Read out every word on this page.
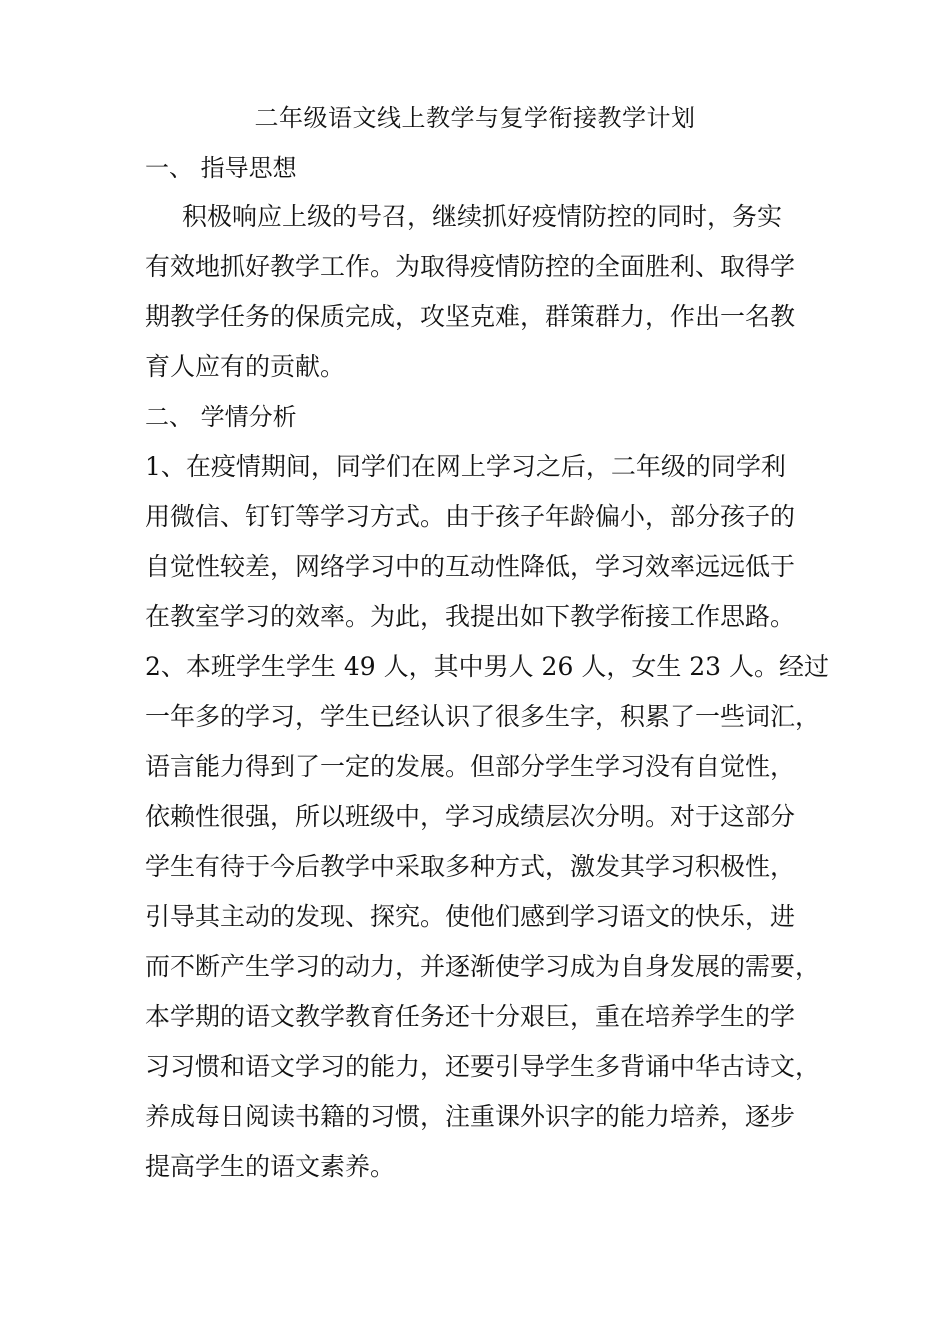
二年级语文线上教学与复学衔接教学计划
一、 指导思想
积极响应上级的号召，继续抓好疫情防控的同时，务实
有效地抓好教学工作。为取得疫情防控的全面胜利、取得学
期教学任务的保质完成，攻坚克难，群策群力，作出一名教
育人应有的贡献。
二、 学情分析
1、在疫情期间，同学们在网上学习之后，二年级的同学利
用微信、钉钉等学习方式。由于孩子年龄偏小，部分孩子的
自觉性较差，网络学习中的互动性降低，学习效率远远低于
在教室学习的效率。为此，我提出如下教学衔接工作思路。
2、本班学生学生 49 人，其中男人 26 人，女生 23 人。经过
一年多的学习，学生已经认识了很多生字，积累了一些词汇，
语言能力得到了一定的发展。但部分学生学习没有自觉性，
依赖性很强，所以班级中，学习成绩层次分明。对于这部分
学生有待于今后教学中采取多种方式，激发其学习积极性，
引导其主动的发现、探究。使他们感到学习语文的快乐，进
而不断产生学习的动力，并逐渐使学习成为自身发展的需要，
本学期的语文教学教育任务还十分艰巨，重在培养学生的学
习习惯和语文学习的能力，还要引导学生多背诵中华古诗文，
养成每日阅读书籍的习惯，注重课外识字的能力培养，逐步
提高学生的语文素养。
